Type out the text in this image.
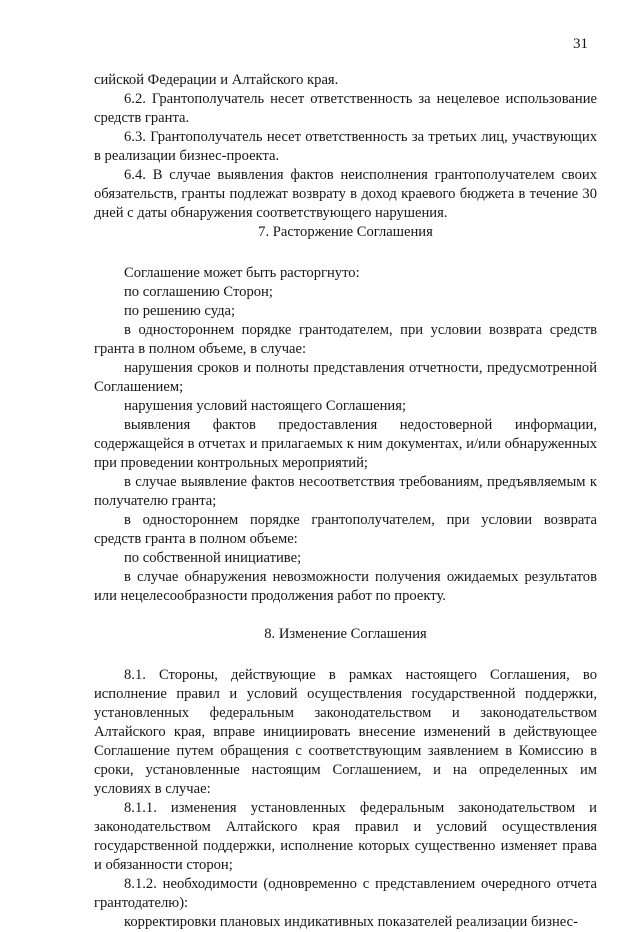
31

сийской Федерации и Алтайского края.

6.2. Грантополучатель несет ответственность за нецелевое использование средств гранта.

6.3. Грантополучатель несет ответственность за третьих лиц, участвующих в реализации бизнес-проекта.

6.4. В случае выявления фактов неисполнения грантополучателем своих обязательств, гранты подлежат возврату в доход краевого бюджета в течение 30 дней с даты обнаружения соответствующего нарушения.

7. Расторжение Соглашения

Соглашение может быть расторгнуто:

по соглашению Сторон;

по решению суда;

в одностороннем порядке грантодателем, при условии возврата средств гранта в полном объеме, в случае:

нарушения сроков и полноты представления отчетности, предусмотренной Соглашением;

нарушения условий настоящего Соглашения;

выявления фактов предоставления недостоверной информации, содержащейся в отчетах и прилагаемых к ним документах, и/или обнаруженных при проведении контрольных мероприятий;

в случае выявление фактов несоответствия требованиям, предъявляемым к получателю гранта;

в одностороннем порядке грантополучателем, при условии возврата средств гранта в полном объеме:

по собственной инициативе;

в случае обнаружения невозможности получения ожидаемых результатов или нецелесообразности продолжения работ по проекту.

8. Изменение Соглашения

8.1. Стороны, действующие в рамках настоящего Соглашения, во исполнение правил и условий осуществления государственной поддержки, установленных федеральным законодательством и законодательством Алтайского края, вправе инициировать внесение изменений в действующее Соглашение путем обращения с соответствующим заявлением в Комиссию в сроки, установленные настоящим Соглашением, и на определенных им условиях в случае:

8.1.1. изменения установленных федеральным законодательством и законодательством Алтайского края правил и условий осуществления государственной поддержки, исполнение которых существенно изменяет права и обязанности сторон;

8.1.2. необходимости (одновременно с представлением очередного отчета грантодателю):

корректировки плановых индикативных показателей реализации бизнес-
